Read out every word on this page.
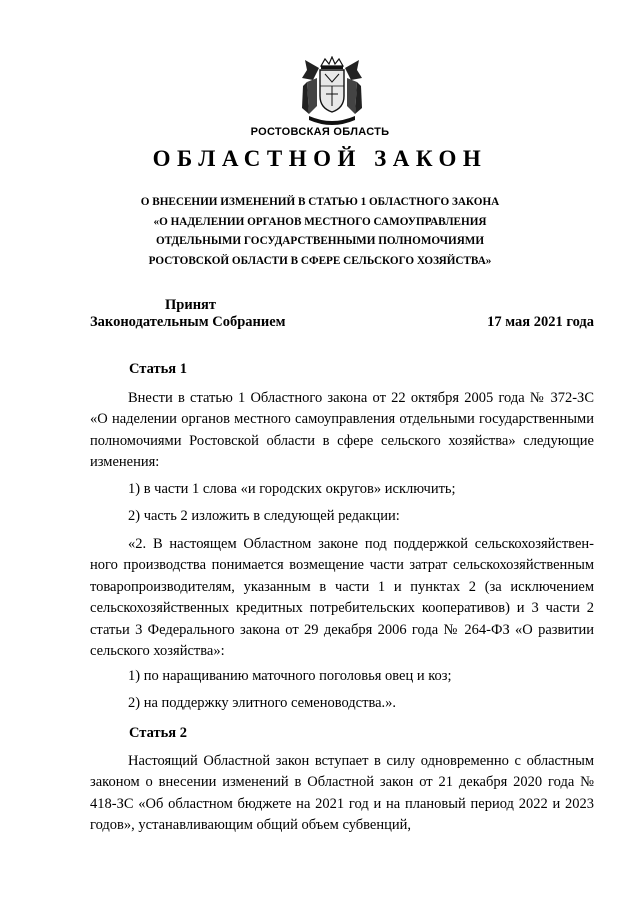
РОСТОВСКАЯ ОБЛАСТЬ
ОБЛАСТНОЙ ЗАКОН
О ВНЕСЕНИИ ИЗМЕНЕНИЙ В СТАТЬЮ 1 ОБЛАСТНОГО ЗАКОНА
«О НАДЕЛЕНИИ ОРГАНОВ МЕСТНОГО САМОУПРАВЛЕНИЯ
ОТДЕЛЬНЫМИ ГОСУДАРСТВЕННЫМИ ПОЛНОМОЧИЯМИ
РОСТОВСКОЙ ОБЛАСТИ В СФЕРЕ СЕЛЬСКОГО ХОЗЯЙСТВА»
Принят
Законодательным Собранием	17 мая 2021 года
Статья 1

Внести в статью 1 Областного закона от 22 октября 2005 года № 372-ЗС «О наделении органов местного самоуправления отдельными государственными полномочиями Ростовской области в сфере сельского хозяйства» следующие изменения:

1) в части 1 слова «и городских округов» исключить;

2) часть 2 изложить в следующей редакции:

«2. В настоящем Областном законе под поддержкой сельскохозяйственного производства понимается возмещение части затрат сельскохозяйственным товаропроизводителям, указанным в части 1 и пунктах 2 (за исключением сельскохозяйственных кредитных потребительских кооперативов) и 3 части 2 статьи 3 Федерального закона от 29 декабря 2006 года № 264-ФЗ «О развитии сельского хозяйства»:

1) по наращиванию маточного поголовья овец и коз;

2) на поддержку элитного семеноводства.».

Статья 2

Настоящий Областной закон вступает в силу одновременно с областным законом о внесении изменений в Областной закон от 21 декабря 2020 года № 418-ЗС «Об областном бюджете на 2021 год и на плановый период 2022 и 2023 годов», устанавливающим общий объем субвенций,
